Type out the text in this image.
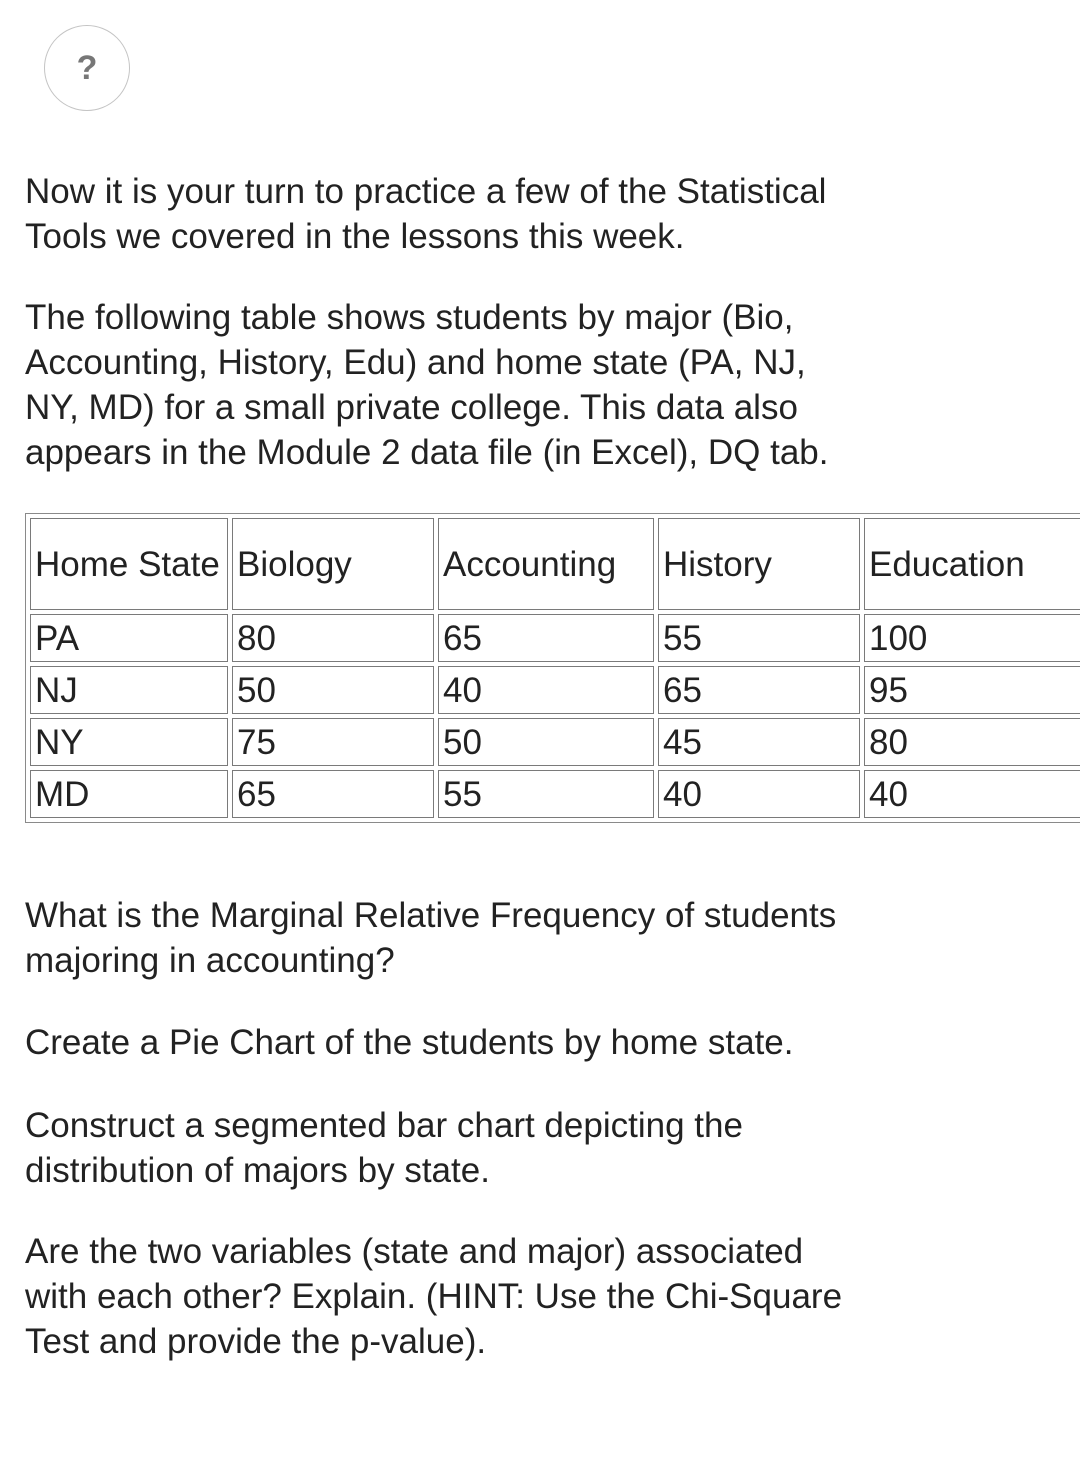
?

Now it is your turn to practice a few of the Statistical
Tools we covered in the lessons this week.

The following table shows students by major (Bio,
Accounting, History, Edu) and home state (PA, NJ,
NY, MD) for a small private college. This data also
appears in the Module 2 data file (in Excel), DQ tab.

Home State	Biology	Accounting	History	Education
PA	80	65	55	100
NJ	50	40	65	95
NY	75	50	45	80
MD	65	55	40	40

What is the Marginal Relative Frequency of students
majoring in accounting?

Create a Pie Chart of the students by home state.

Construct a segmented bar chart depicting the
distribution of majors by state.

Are the two variables (state and major) associated
with each other? Explain. (HINT: Use the Chi-Square
Test and provide the p-value).
